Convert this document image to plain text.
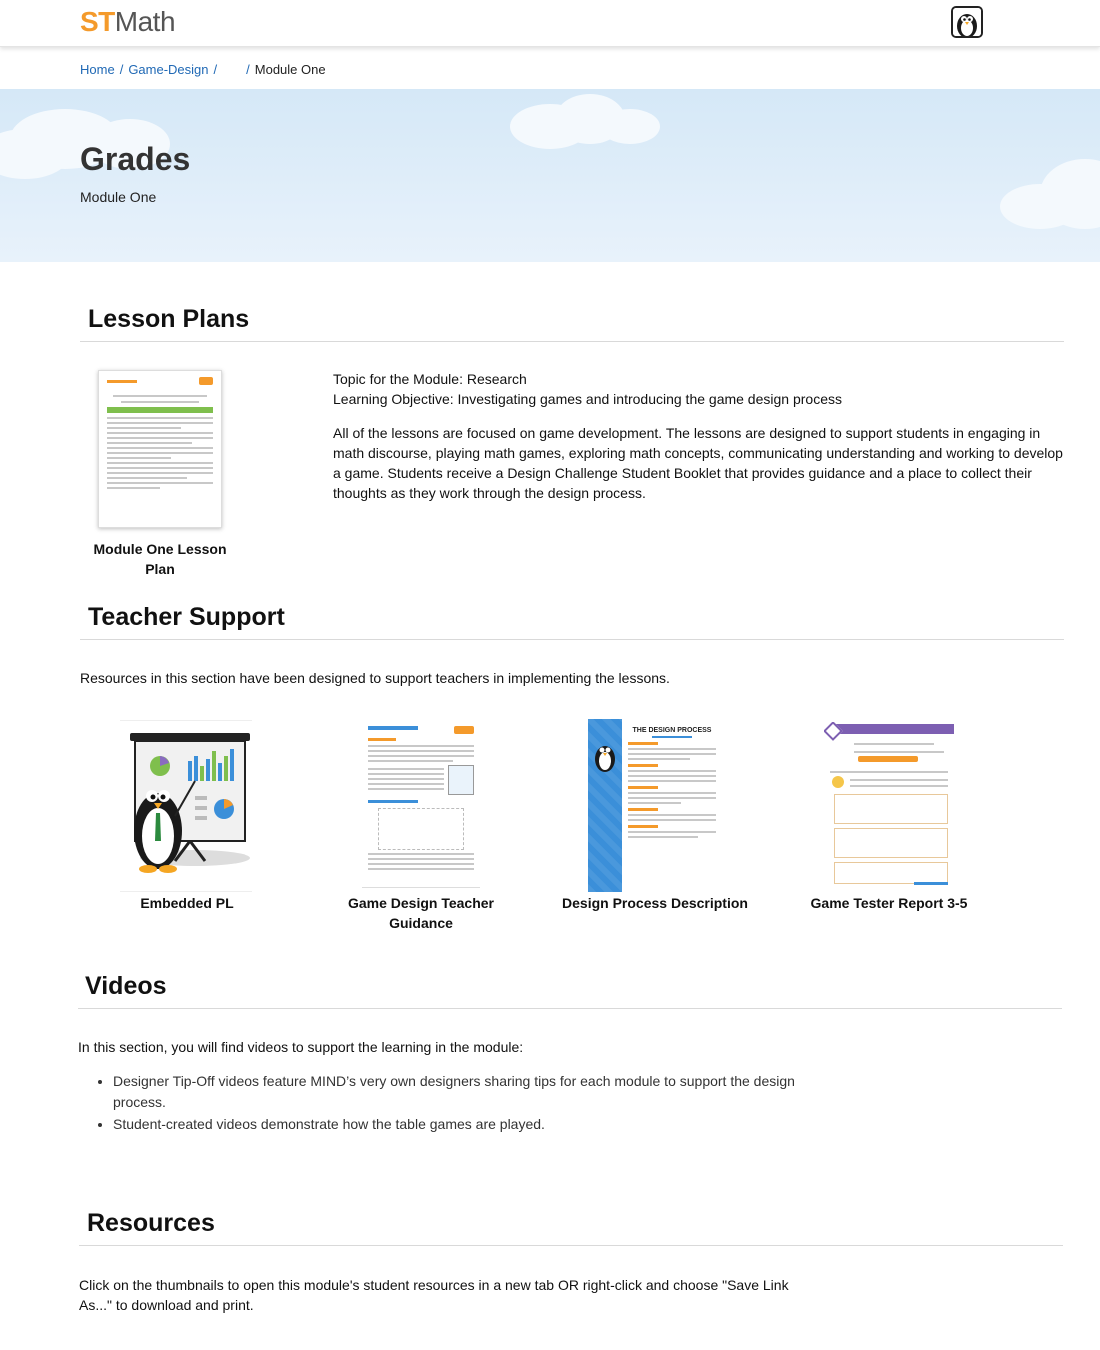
STMath
Home / Game-Design / / Module One
Grades
Module One
Lesson Plans
Module One Lesson Plan
Topic for the Module: Research
Learning Objective: Investigating games and introducing the game design process
All of the lessons are focused on game development. The lessons are designed to support students in engaging in math discourse, playing math games, exploring math concepts, communicating understanding and working to develop a game. Students receive a Design Challenge Student Booklet that provides guidance and a place to collect their thoughts as they work through the design process.
Teacher Support
Resources in this section have been designed to support teachers in implementing the lessons.
Embedded PL	Game Design Teacher Guidance
THE DESIGN PROCESS
Design Process Description	Game Tester Report 3-5
Videos
In this section, you will find videos to support the learning in the module:
• Designer Tip-Off videos feature MIND’s very own designers sharing tips for each module to support the design process.
• Student-created videos demonstrate how the table games are played.
Resources
Click on the thumbnails to open this module's student resources in a new tab OR right-click and choose "Save Link As..." to download and print.
